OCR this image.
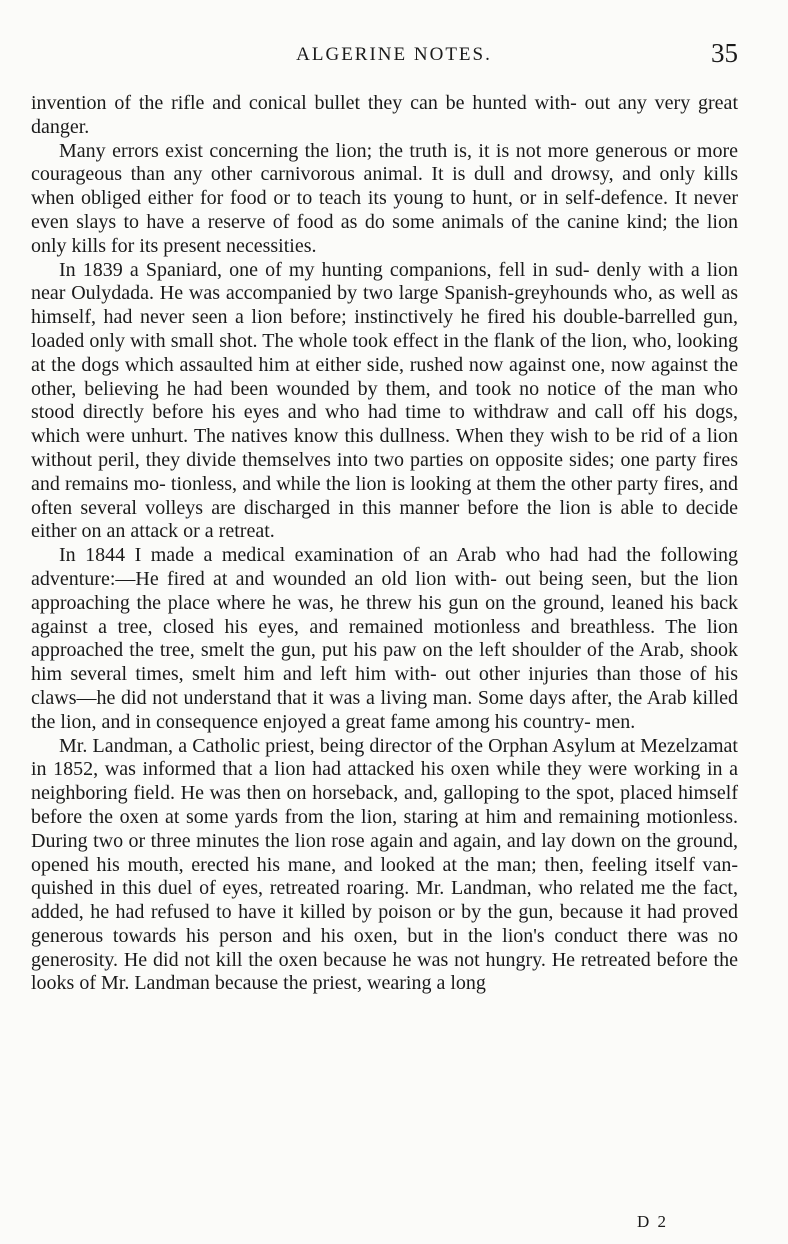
ALGERINE NOTES.	35

invention of the rifle and conical bullet they can be hunted with- out any very great danger.

Many errors exist concerning the lion; the truth is, it is not more generous or more courageous than any other carnivorous animal. It is dull and drowsy, and only kills when obliged either for food or to teach its young to hunt, or in self-defence. It never even slays to have a reserve of food as do some animals of the canine kind; the lion only kills for its present necessities.

In 1839 a Spaniard, one of my hunting companions, fell in sud- denly with a lion near Oulydada. He was accompanied by two large Spanish-greyhounds who, as well as himself, had never seen a lion before; instinctively he fired his double-barrelled gun, loaded only with small shot. The whole took effect in the flank of the lion, who, looking at the dogs which assaulted him at either side, rushed now against one, now against the other, believing he had been wounded by them, and took no notice of the man who stood directly before his eyes and who had time to withdraw and call off his dogs, which were unhurt. The natives know this dullness. When they wish to be rid of a lion without peril, they divide themselves into two parties on opposite sides; one party fires and remains mo- tionless, and while the lion is looking at them the other party fires, and often several volleys are discharged in this manner before the lion is able to decide either on an attack or a retreat.

In 1844 I made a medical examination of an Arab who had had the following adventure:—He fired at and wounded an old lion with- out being seen, but the lion approaching the place where he was, he threw his gun on the ground, leaned his back against a tree, closed his eyes, and remained motionless and breathless. The lion approached the tree, smelt the gun, put his paw on the left shoulder of the Arab, shook him several times, smelt him and left him with- out other injuries than those of his claws—he did not understand that it was a living man. Some days after, the Arab killed the lion, and in consequence enjoyed a great fame among his country- men.

Mr. Landman, a Catholic priest, being director of the Orphan Asylum at Mezelzamat in 1852, was informed that a lion had attacked his oxen while they were working in a neighboring field. He was then on horseback, and, galloping to the spot, placed himself before the oxen at some yards from the lion, staring at him and remaining motionless. During two or three minutes the lion rose again and again, and lay down on the ground, opened his mouth, erected his mane, and looked at the man; then, feeling itself van- quished in this duel of eyes, retreated roaring. Mr. Landman, who related me the fact, added, he had refused to have it killed by poison or by the gun, because it had proved generous towards his person and his oxen, but in the lion's conduct there was no generosity. He did not kill the oxen because he was not hungry. He retreated before the looks of Mr. Landman because the priest, wearing a long

D 2
